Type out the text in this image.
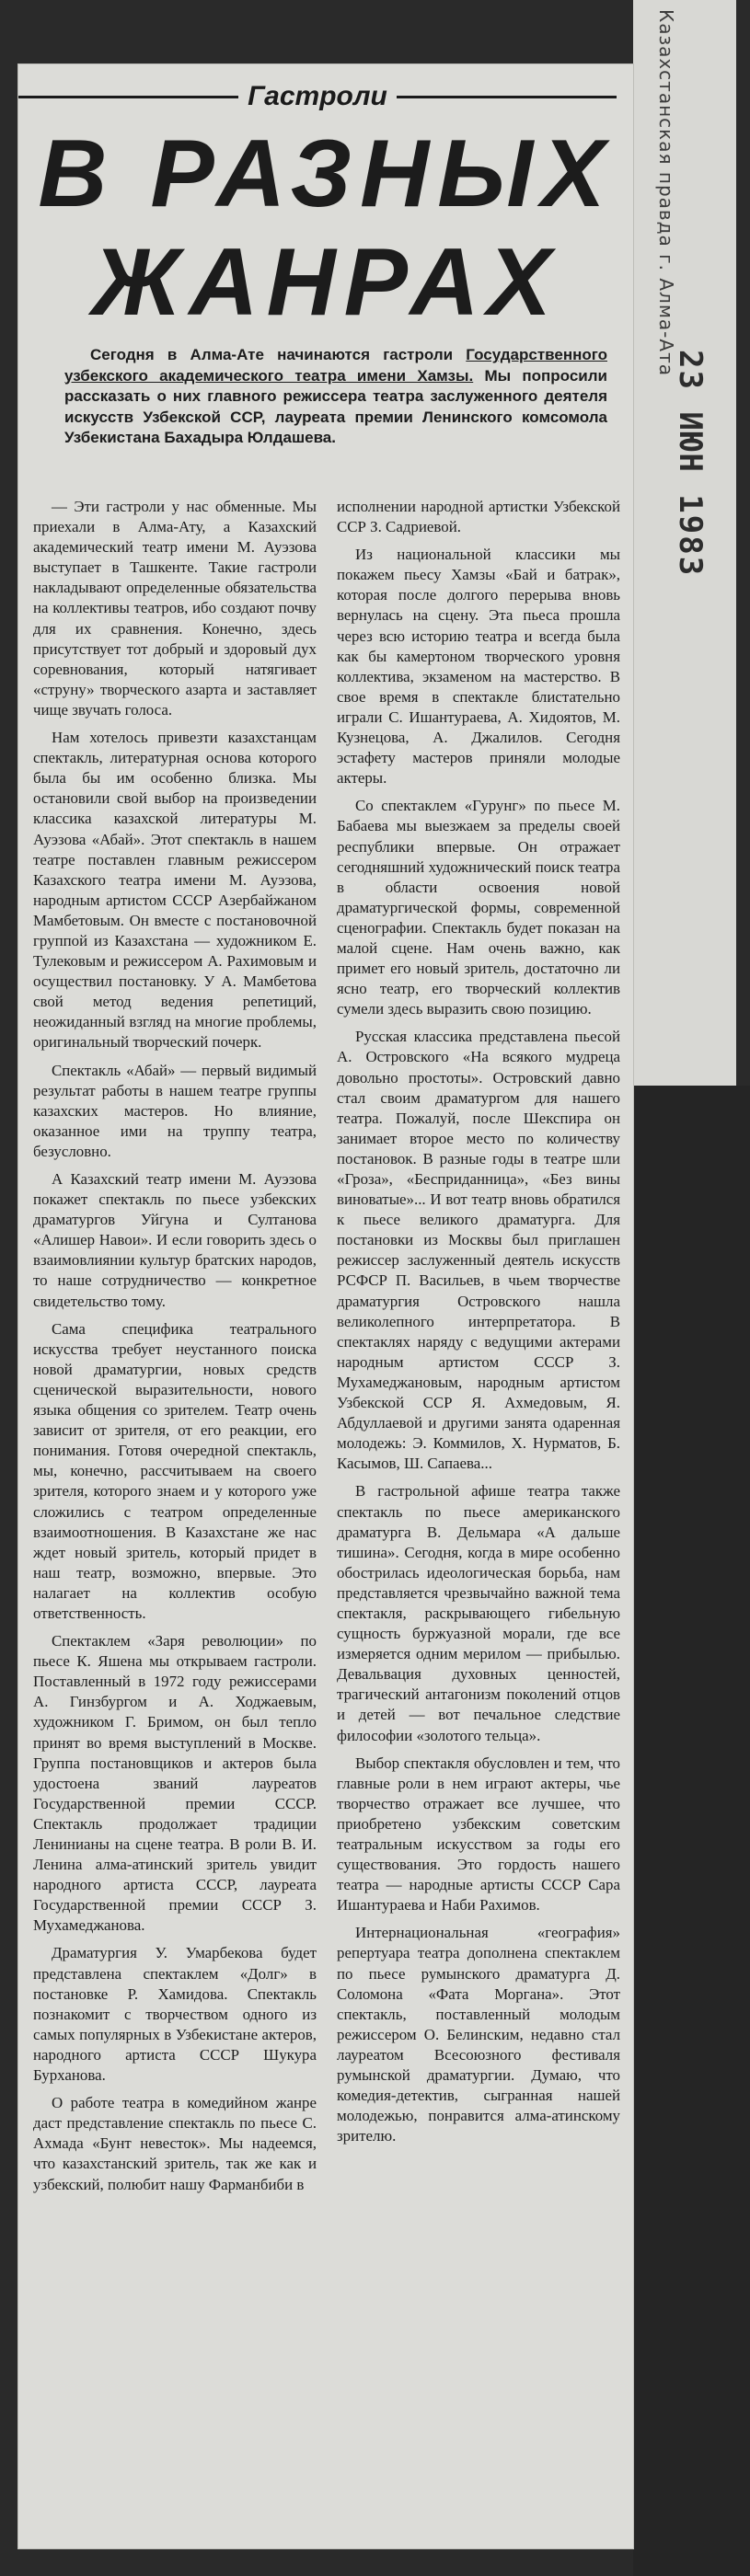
Казахстанская правда г. Алма-Ата
23 ИЮН 1983
Гастроли
В РАЗНЫХ
ЖАНРАХ
Сегодня в Алма-Ате начинаются гастроли Государственного узбекского академического театра имени Хамзы. Мы попросили рассказать о них главного режиссера театра заслуженного деятеля искусств Узбекской ССР, лауреата премии Ленинского комсомола Узбекистана Бахадыра Юлдашева.

— Эти гастроли у нас обменные. Мы приехали в Алма-Ату, а Казахский академический театр имени М. Ауэзова выступает в Ташкенте. Такие гастроли накладывают определенные обязательства на коллективы театров, ибо создают почву для их сравнения. Конечно, здесь присутствует тот добрый и здоровый дух соревнования, который натягивает «струну» творческого азарта и заставляет чище звучать голоса.

Нам хотелось привезти казахстанцам спектакль, литературная основа которого была бы им особенно близка. Мы остановили свой выбор на произведении классика казахской литературы М. Ауэзова «Абай». Этот спектакль в нашем театре поставлен главным режиссером Казахского театра имени М. Ауэзова, народным артистом СССР Азербайжаном Мамбетовым. Он вместе с постановочной группой из Казахстана — художником Е. Тулековым и режиссером А. Рахимовым и осуществил постановку. У А. Мамбетова свой метод ведения репетиций, неожиданный взгляд на многие проблемы, оригинальный творческий почерк.

Спектакль «Абай» — первый видимый результат работы в нашем театре группы казахских мастеров. Но влияние, оказанное ими на труппу театра, безусловно.

А Казахский театр имени М. Ауэзова покажет спектакль по пьесе узбекских драматургов Уйгуна и Султанова «Алишер Навои». И если говорить здесь о взаимовлиянии культур братских народов, то наше сотрудничество — конкретное свидетельство тому.

Сама специфика театрального искусства требует неустанного поиска новой драматургии, новых средств сценической выразительности, нового языка общения со зрителем. Театр очень зависит от зрителя, от его реакции, его понимания. Готовя очередной спектакль, мы, конечно, рассчитываем на своего зрителя, которого знаем и у которого уже сложились с театром определенные взаимоотношения. В Казахстане же нас ждет новый зритель, который придет в наш театр, возможно, впервые. Это налагает на коллектив особую ответственность.

Спектаклем «Заря революции» по пьесе К. Яшена мы открываем гастроли. Поставленный в 1972 году режиссерами А. Гинзбургом и А. Ходжаевым, художником Г. Бримом, он был тепло принят во время выступлений в Москве. Группа постановщиков и актеров была удостоена званий лауреатов Государственной премии СССР. Спектакль продолжает традиции Ленинианы на сцене театра. В роли В. И. Ленина алма-атинский зритель увидит народного артиста СССР, лауреата Государственной премии СССР З. Мухамеджанова.

Драматургия У. Умарбекова будет представлена спектаклем «Долг» в постановке Р. Хамидова. Спектакль познакомит с творчеством одного из самых популярных в Узбекистане актеров, народного артиста СССР Шукура Бурханова.

О работе театра в комедийном жанре даст представление спектакль по пьесе С. Ахмада «Бунт невесток». Мы надеемся, что казахстанский зритель, так же как и узбекский, полюбит нашу Фарманбиби в

исполнении народной артистки Узбекской ССР З. Садриевой.

Из национальной классики мы покажем пьесу Хамзы «Бай и батрак», которая после долгого перерыва вновь вернулась на сцену. Эта пьеса прошла через всю историю театра и всегда была как бы камертоном творческого уровня коллектива, экзаменом на мастерство. В свое время в спектакле блистательно играли С. Ишантураева, А. Хидоятов, М. Кузнецова, А. Джалилов. Сегодня эстафету мастеров приняли молодые актеры.

Со спектаклем «Гурунг» по пьесе М. Бабаева мы выезжаем за пределы своей республики впервые. Он отражает сегодняшний художнический поиск театра в области освоения новой драматургической формы, современной сценографии. Спектакль будет показан на малой сцене. Нам очень важно, как примет его новый зритель, достаточно ли ясно театр, его творческий коллектив сумели здесь выразить свою позицию.

Русская классика представлена пьесой А. Островского «На всякого мудреца довольно простоты». Островский давно стал своим драматургом для нашего театра. Пожалуй, после Шекспира он занимает второе место по количеству постановок. В разные годы в театре шли «Гроза», «Бесприданница», «Без вины виноватые»... И вот театр вновь обратился к пьесе великого драматурга. Для постановки из Москвы был приглашен режиссер заслуженный деятель искусств РСФСР П. Васильев, в чьем творчестве драматургия Островского нашла великолепного интерпретатора. В спектаклях наряду с ведущими актерами народным артистом СССР З. Мухамеджановым, народным артистом Узбекской ССР Я. Ахмедовым, Я. Абдуллаевой и другими занята одаренная молодежь: Э. Коммилов, Х. Нурматов, Б. Касымов, Ш. Сапаева...

В гастрольной афише театра также спектакль по пьесе американского драматурга В. Дельмара «А дальше тишина». Сегодня, когда в мире особенно обострилась идеологическая борьба, нам представляется чрезвычайно важной тема спектакля, раскрывающего гибельную сущность буржуазной морали, где все измеряется одним мерилом — прибылью. Девальвация духовных ценностей, трагический антагонизм поколений отцов и детей — вот печальное следствие философии «золотого тельца».

Выбор спектакля обусловлен и тем, что главные роли в нем играют актеры, чье творчество отражает все лучшее, что приобретено узбекским советским театральным искусством за годы его существования. Это гордость нашего театра — народные артисты СССР Сара Ишантураева и Наби Рахимов.

Интернациональная «география» репертуара театра дополнена спектаклем по пьесе румынского драматурга Д. Соломона «Фата Моргана». Этот спектакль, поставленный молодым режиссером О. Белинским, недавно стал лауреатом Всесоюзного фестиваля румынской драматургии. Думаю, что комедия-детектив, сыгранная нашей молодежью, понравится алма-атинскому зрителю.
